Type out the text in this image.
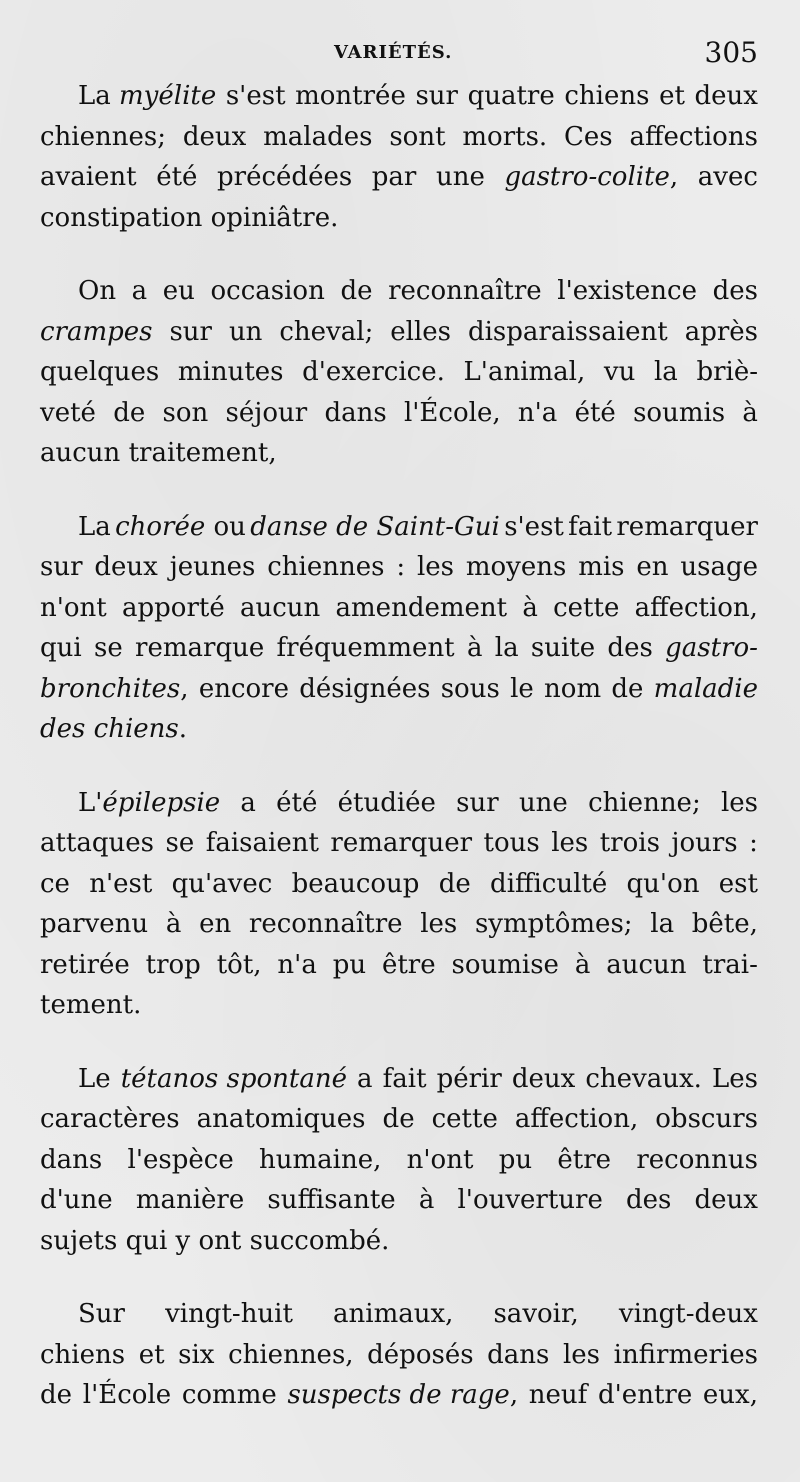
VARIÉTÉS.	305
La myélite s'est montrée sur quatre chiens et deux
chiennes; deux malades sont morts. Ces affections
avaient été précédées par une gastro-colite, avec
constipation opiniâtre.
On a eu occasion de reconnaître l'existence des
crampes sur un cheval; elles disparaissaient après
quelques minutes d'exercice. L'animal, vu la briè-
veté de son séjour dans l'École, n'a été soumis à
aucun traitement,
La chorée ou danse de Saint-Gui s'est fait remarquer
sur deux jeunes chiennes : les moyens mis en usage
n'ont apporté aucun amendement à cette affection,
qui se remarque fréquemment à la suite des gastro-
bronchites, encore désignées sous le nom de maladie
des chiens.
L'épilepsie a été étudiée sur une chienne; les
attaques se faisaient remarquer tous les trois jours :
ce n'est qu'avec beaucoup de difficulté qu'on est
parvenu à en reconnaître les symptômes; la bête,
retirée trop tôt, n'a pu être soumise à aucun trai-
tement.
Le tétanos spontané a fait périr deux chevaux. Les
caractères anatomiques de cette affection, obscurs
dans l'espèce humaine, n'ont pu être reconnus
d'une manière suffisante à l'ouverture des deux
sujets qui y ont succombé.
Sur vingt-huit animaux, savoir, vingt-deux
chiens et six chiennes, déposés dans les infirmeries
de l'École comme suspects de rage, neuf d'entre eux,
